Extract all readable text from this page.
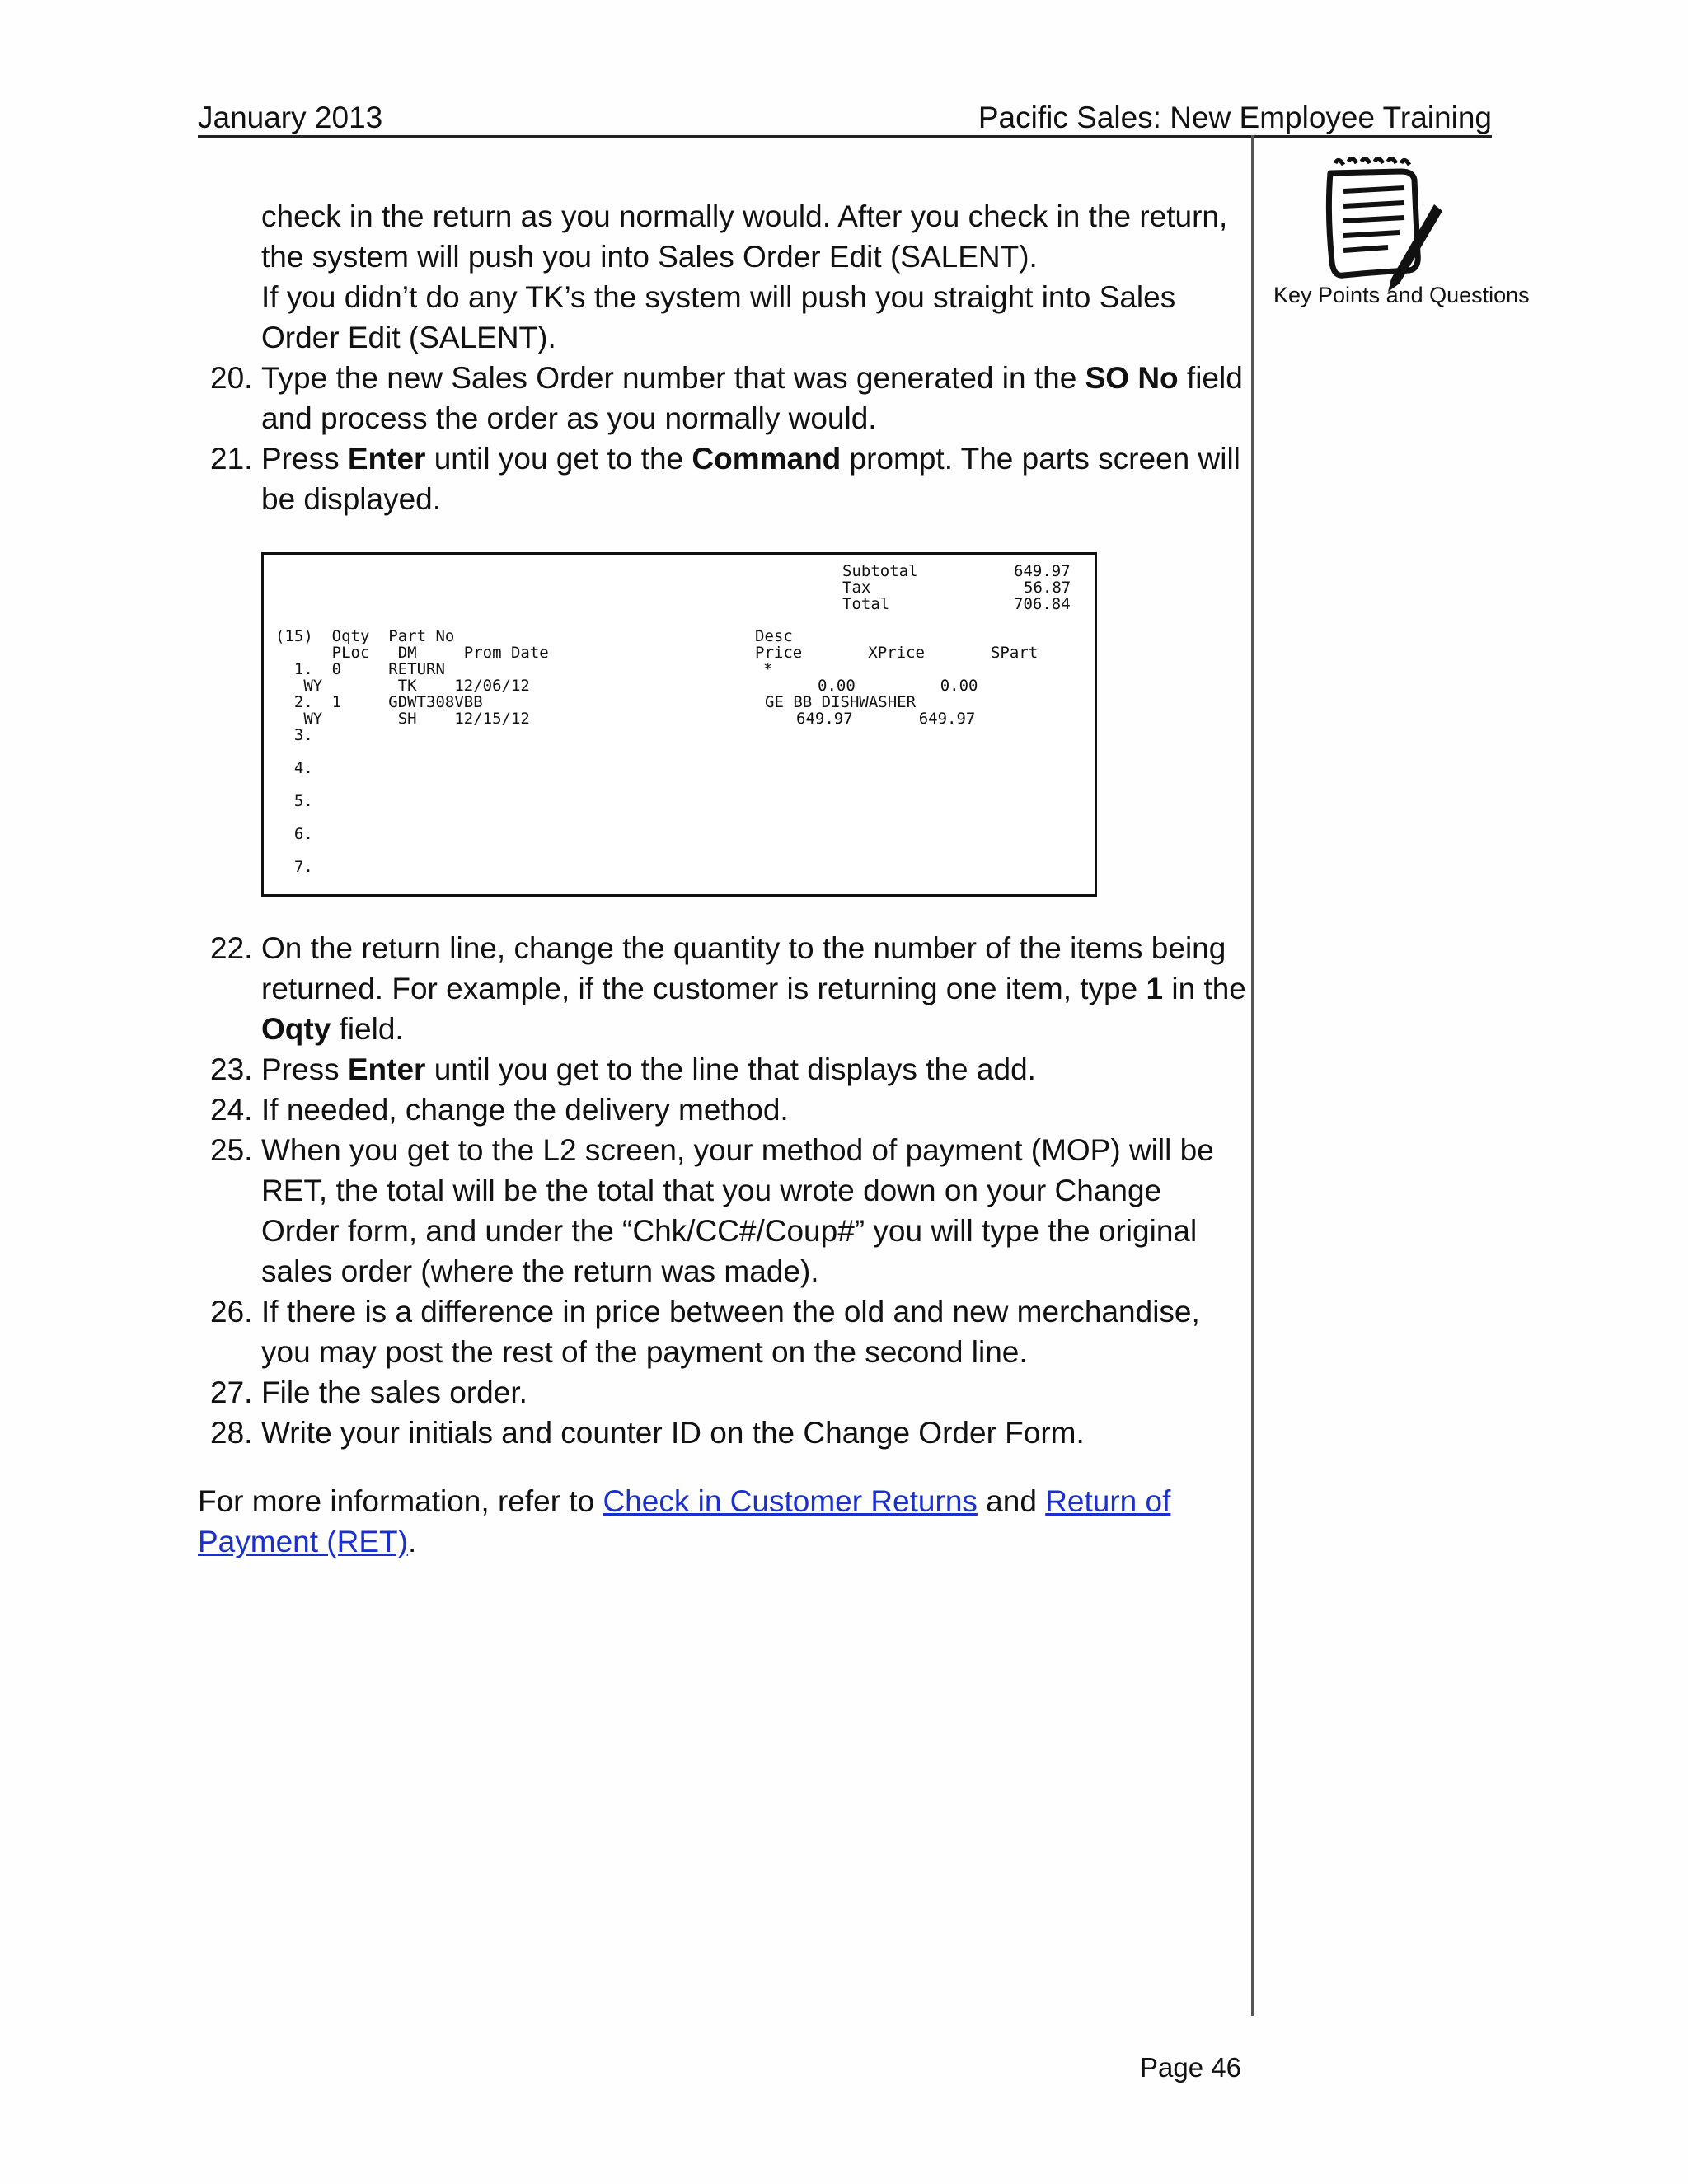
January 2013	Pacific Sales: New Employee Training
Key Points and Questions
check in the return as you normally would. After you check in the return, the system will push you into Sales Order Edit (SALENT).
If you didn’t do any TK’s the system will push you straight into Sales Order Edit (SALENT).
20. Type the new Sales Order number that was generated in the SO No field and process the order as you normally would.
21. Press Enter until you get to the Command prompt. The parts screen will be displayed.
Subtotal	649.97
Tax	56.87
Total	706.84
(15)  Oqty  Part No	Desc
PLoc   DM     Prom Date	Price       XPrice       SPart
1.  0     RETURN	*
WY        TK    12/06/12	0.00         0.00
2.  1     GDWT308VBB	GE BB DISHWASHER
WY        SH    12/15/12	649.97       649.97
3.
4.
5.
6.
7.
22. On the return line, change the quantity to the number of the items being returned. For example, if the customer is returning one item, type 1 in the Oqty field.
23. Press Enter until you get to the line that displays the add.
24. If needed, change the delivery method.
25. When you get to the L2 screen, your method of payment (MOP) will be RET, the total will be the total that you wrote down on your Change Order form, and under the “Chk/CC#/Coup#” you will type the original sales order (where the return was made).
26. If there is a difference in price between the old and new merchandise, you may post the rest of the payment on the second line.
27. File the sales order.
28. Write your initials and counter ID on the Change Order Form.
For more information, refer to Check in Customer Returns and Return of Payment (RET).
Page 46
